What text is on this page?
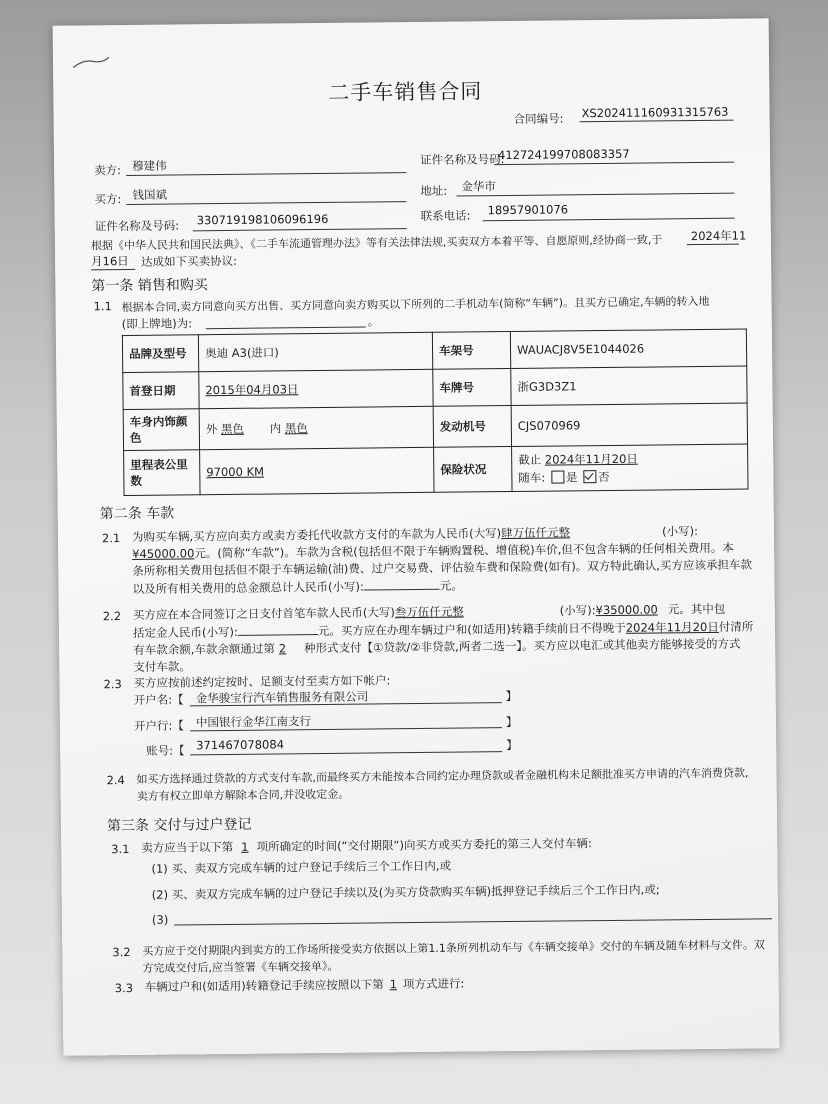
二手车销售合同
合同编号: XS202411160931315763
卖方: 穆建伟	证件名称及号码:
412724199708083357
买方: 钱国斌	地址: 金华市
证件名称及号码: 330719198106096196	联系电话: 18957901076
根据《中华人民共和国民法典》、《二手车流通管理办法》等有关法律法规,买卖双方本着平等、自愿原则,经协商一致,于 2024年11
月16日 达成如下买卖协议:
第一条 销售和购买
1.1 根据本合同,卖方同意向买方出售、买方同意向卖方购买以下所列的二手机动车(简称“车辆”)。且买方已确定,车辆的转入地
(即上牌地)为:	。
品牌及型号	奥迪 A3(进口)	车架号	WAUACJ8V5E1044026
首登日期	2015年04月03日	车牌号	浙G3D3Z1
车身内饰颜色	外 黑色 内 黑色	发动机号	CJS070969
里程表公里数	97000 KM	保险状况	截止 2024年11月20日
随车: 是 否
第二条 车款
2.1 为购买车辆,买方应向卖方或卖方委托代收款方支付的车款为人民币(大写)肆万伍仟元整	(小写):
¥45000.00元。(简称“车款”)。车款为含税(包括但不限于车辆购置税、增值税)车价,但不包含车辆的任何相关费用。本
条所称相关费用包括但不限于车辆运输(油)费、过户交易费、评估验车费和保险费(如有)。双方特此确认,买方应该承担车款
以及所有相关费用的总金额总计人民币(小写):	元。
2.2 买方应在本合同签订之日支付首笔车款人民币(大写)叁万伍仟元整	(小写):¥35000.00 元。其中包
括定金人民币(小写):	元。买方应在办理车辆过户和(如适用)转籍手续前日不得晚于2024年11月20日付清所
有车款余额,车款余额通过第 2 种形式支付【①贷款/②非贷款,两者二选一】。买方应以电汇或其他卖方能够接受的方式
支付车款。
2.3 买方应按前述约定按时、足额支付至卖方如下帐户:
开户名:【 金华骏宝行汽车销售服务有限公司	】
开户行:【 中国银行金华江南支行	】
账号:【 371467078084	】
2.4 如买方选择通过贷款的方式支付车款,而最终买方未能按本合同约定办理贷款或者金融机构未足额批准买方申请的汽车消费贷款,
卖方有权立即单方解除本合同,并没收定金。
第三条 交付与过户登记
3.1 卖方应当于以下第 1 项所确定的时间(“交付期限”)向买方或买方委托的第三人交付车辆:
(1) 买、卖双方完成车辆的过户登记手续后三个工作日内,或
(2) 买、卖双方完成车辆的过户登记手续以及(为买方贷款购买车辆)抵押登记手续后三个工作日内,或;
(3)
3.2 买方应于交付期限内到卖方的工作场所接受卖方依据以上第1.1条所列机动车与《车辆交接单》交付的车辆及随车材料与文件。双
方完成交付后,应当签署《车辆交接单》。
3.3 车辆过户和(如适用)转籍登记手续应按照以下第 1 项方式进行:
